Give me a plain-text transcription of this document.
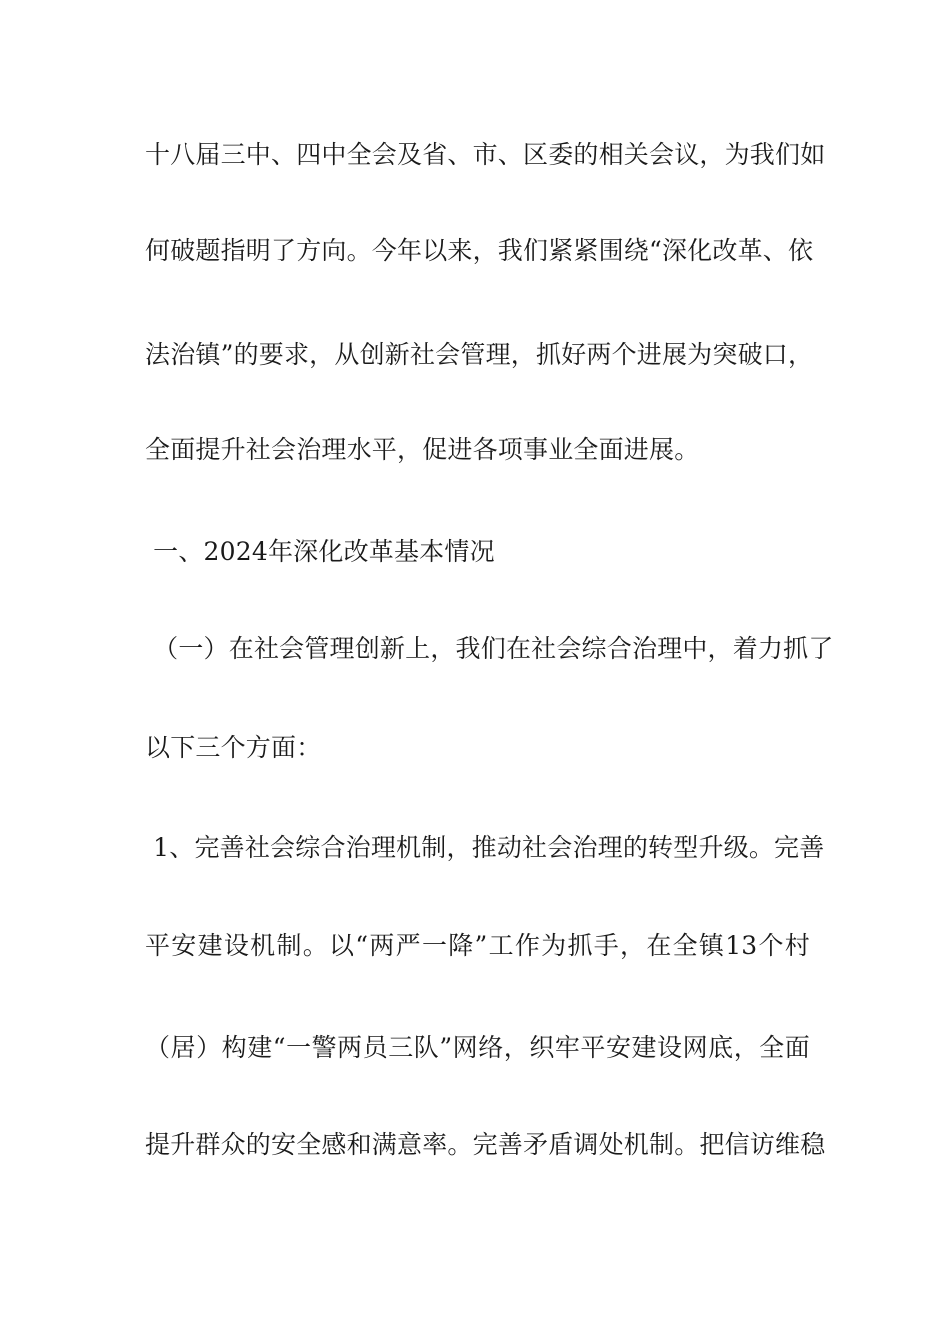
十八届三中、四中全会及省、市、区委的相关会议，为我们如
何破题指明了方向。今年以来，我们紧紧围绕“深化改革、依
法治镇”的要求，从创新社会管理，抓好两个进展为突破口，
全面提升社会治理水平，促进各项事业全面进展。
一、2024年深化改革基本情况
（一）在社会管理创新上，我们在社会综合治理中，着力抓了
以下三个方面：
1、完善社会综合治理机制，推动社会治理的转型升级。完善
平安建设机制。以“两严一降”工作为抓手，在全镇13个村
（居）构建“一警两员三队”网络，织牢平安建设网底，全面
提升群众的安全感和满意率。完善矛盾调处机制。把信访维稳
